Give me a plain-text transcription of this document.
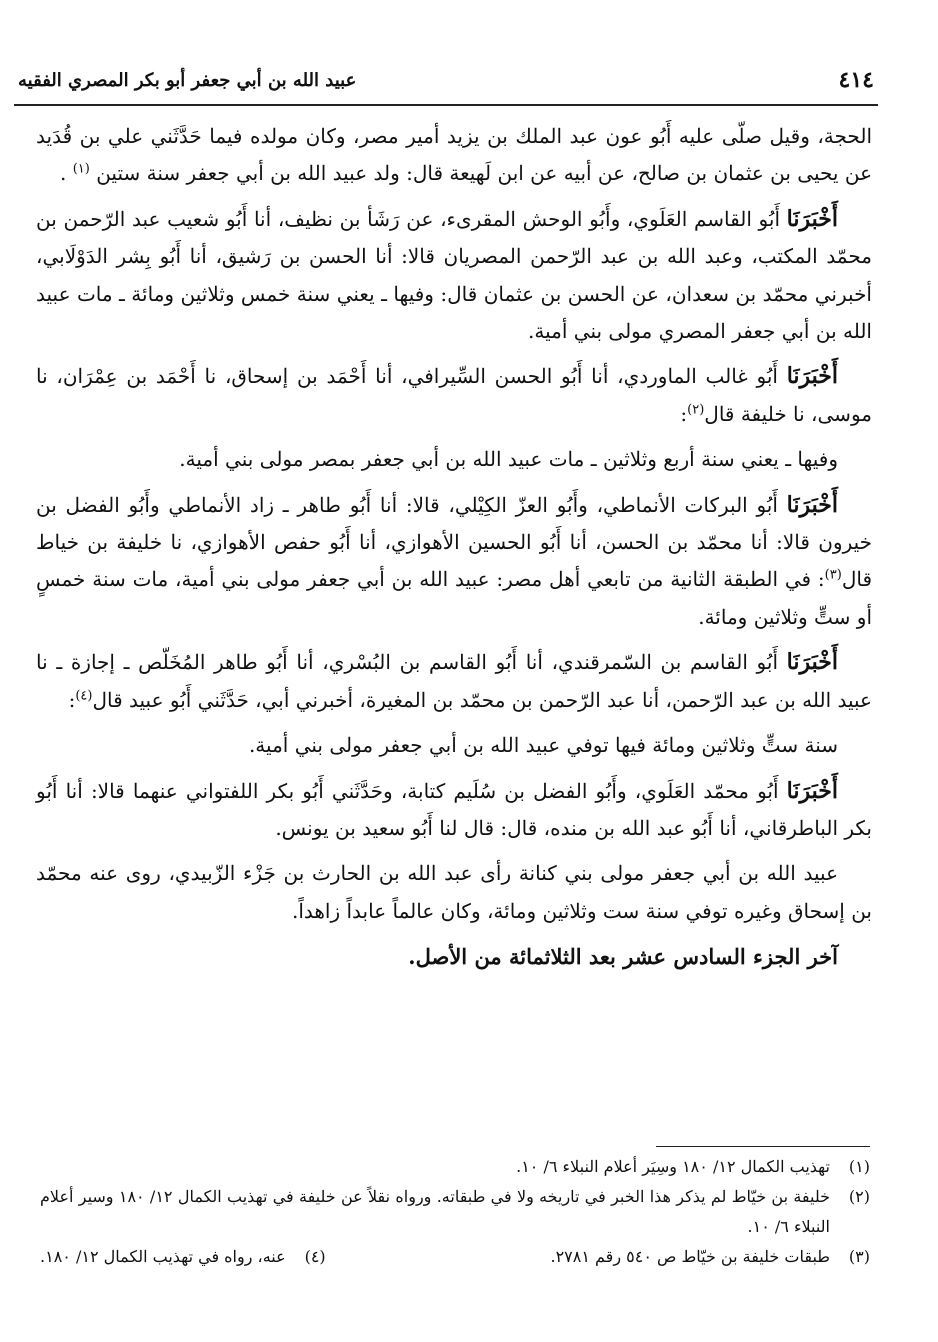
٤١٤
عبيد الله بن أبي جعفر أبو بكر المصري الفقيه

الحجة، وقيل صلّى عليه أَبُو عون عبد الملك بن يزيد أمير مصر، وكان مولده فيما حَدَّثَني علي بن قُدَيد عن يحيى بن عثمان بن صالح، عن أبيه عن ابن لَهيعة قال: ولد عبيد الله بن أبي جعفر سنة ستين $^{(١)}$ .

أَخْبَرَنَا أَبُو القاسم العَلَوي، وأَبُو الوحش المقرىء، عن رَشَأ بن نظيف، أنا أَبُو شعيب عبد الرّحمن بن محمّد المكتب، وعبد الله بن عبد الرّحمن المصريان قالا: أنا الحسن بن رَشيق، أنا أَبُو بِشر الدَوْلَابي، أخبرني محمّد بن سعدان، عن الحسن بن عثمان قال: وفيها ـ يعني سنة خمس وثلاثين ومائة ـ مات عبيد الله بن أبي جعفر المصري مولى بني أمية.

أَخْبَرَنَا أَبُو غالب الماوردي، أنا أَبُو الحسن السِّيرافي، أنا أَحْمَد بن إسحاق، نا أَحْمَد بن عِمْرَان، نا موسى، نا خليفة قال$^{(٢)}$:

وفيها ـ يعني سنة أربع وثلاثين ـ مات عبيد الله بن أبي جعفر بمصر مولى بني أمية.

أَخْبَرَنَا أَبُو البركات الأنماطي، وأَبُو العزّ الكِيْلي، قالا: أنا أَبُو طاهر ـ زاد الأنماطي وأَبُو الفضل بن خيرون قالا: أنا محمّد بن الحسن، أنا أَبُو الحسين الأهوازي، أنا أَبُو حفص الأهوازي، نا خليفة بن خياط قال$^{(٣)}$: في الطبقة الثانية من تابعي أهل مصر: عبيد الله بن أبي جعفر مولى بني أمية، مات سنة خمسٍ أو ستٍّ وثلاثين ومائة.

أَخْبَرَنَا أَبُو القاسم بن السّمرقندي، أنا أَبُو القاسم بن البُسْري، أنا أَبُو طاهر المُخَلّص ـ إجازة ـ نا عبيد الله بن عبد الرّحمن، أنا عبد الرّحمن بن محمّد بن المغيرة، أخبرني أبي، حَدَّثَني أَبُو عبيد قال$^{(٤)}$:

سنة ستٍّ وثلاثين ومائة فيها توفي عبيد الله بن أبي جعفر مولى بني أمية.

أَخْبَرَنَا أَبُو محمّد العَلَوي، وأَبُو الفضل بن سُلَيم كتابة، وحَدَّثَني أَبُو بكر اللفتواني عنهما قالا: أنا أَبُو بكر الباطرقاني، أنا أَبُو عبد الله بن منده، قال: قال لنا أَبُو سعيد بن يونس.

عبيد الله بن أبي جعفر مولى بني كنانة رأى عبد الله بن الحارث بن جَزْء الزّبيدي، روى عنه محمّد بن إسحاق وغيره توفي سنة ست وثلاثين ومائة، وكان عالماً عابداً زاهداً.

آخر الجزء السادس عشر بعد الثلاثمائة من الأصل.

(١)
تهذيب الكمال ١٢/ ١٨٠ وسِيَر أعلام النبلاء ٦/ ١٠.
(٢)
خليفة بن خيّاط لم يذكر هذا الخبر في تاريخه ولا في طبقاته. ورواه نقلاً عن خليفة في تهذيب الكمال ١٢/ ١٨٠ وسير أعلام النبلاء ٦/ ١٠.
(٣)
طبقات خليفة بن خيّاط ص ٥٤٠ رقم ٢٧٨١.
(٤)
عنه، رواه في تهذيب الكمال ١٢/ ١٨٠.
